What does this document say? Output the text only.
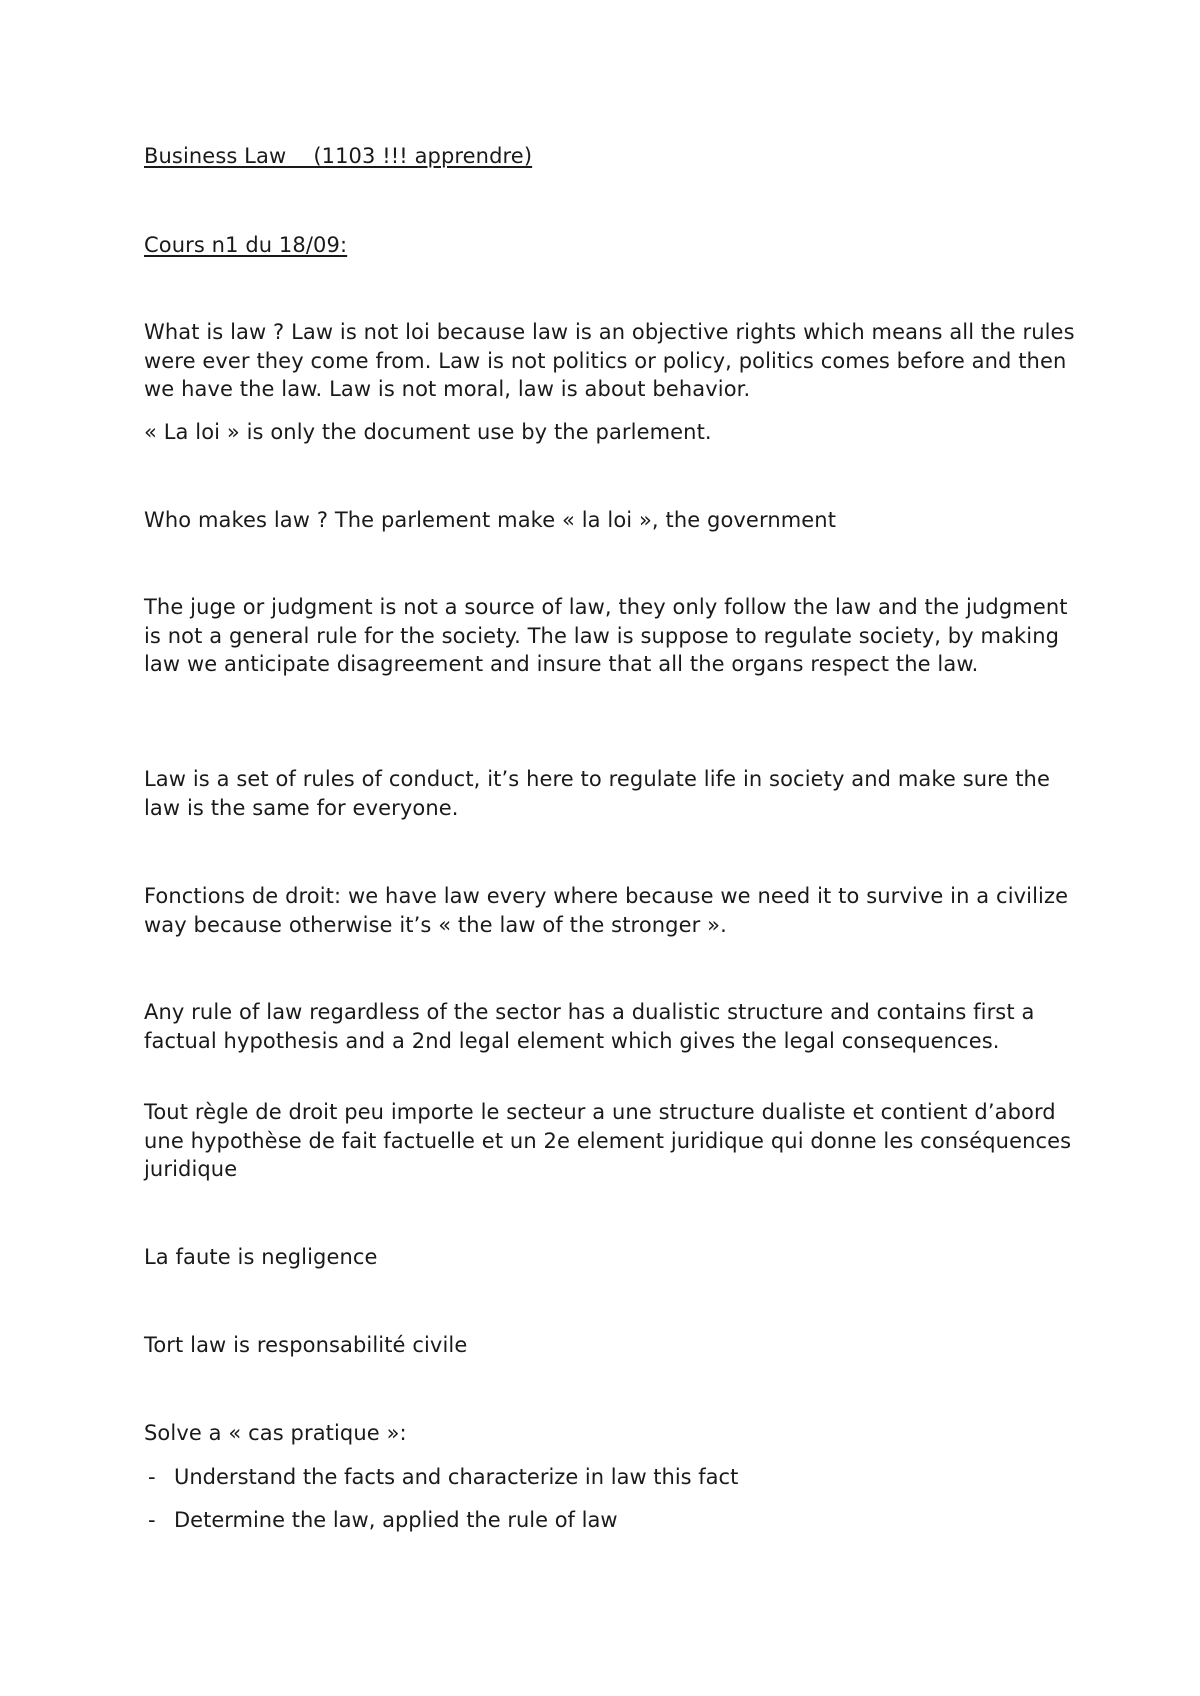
Business Law    (1103 !!! apprendre)
Cours n1 du 18/09:
What is law ? Law is not loi because law is an objective rights which means all the rules were ever they come from. Law is not politics or policy, politics comes before and then we have the law. Law is not moral, law is about behavior.
« La loi » is only the document use by the parlement.
Who makes law ? The parlement make « la loi », the government
The juge or judgment is not a source of law, they only follow the law and the judgment is not a general rule for the society. The law is suppose to regulate society, by making law we anticipate disagreement and insure that all the organs respect the law.
Law is a set of rules of conduct, it’s here to regulate life in society and make sure the law is the same for everyone.
Fonctions de droit: we have law every where because we need it to survive in a civilize way because otherwise it’s « the law of the stronger ».
Any rule of law regardless of the sector has a dualistic structure and contains first a factual hypothesis and a 2nd legal element which gives the legal consequences.
Tout règle de droit peu importe le secteur a une structure dualiste et contient d’abord une hypothèse de fait factuelle et un 2e element juridique qui donne les conséquences juridique
La faute is negligence
Tort law is responsabilité civile
Solve a « cas pratique »:
- Understand the facts and characterize in law this fact
- Determine the law, applied the rule of law
